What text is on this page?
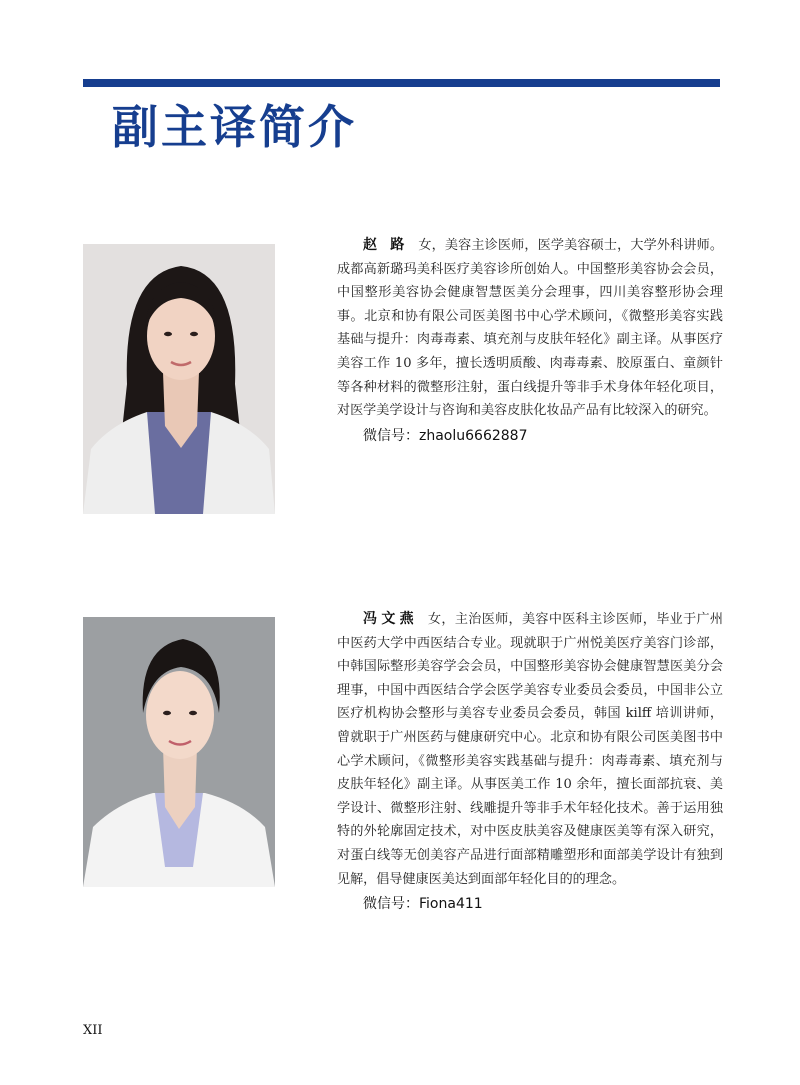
副主译简介

赵 路 女，美容主诊医师，医学美容硕士，大学外科讲师。成都高新璐玛美科医疗美容诊所创始人。中国整形美容协会会员，中国整形美容协会健康智慧医美分会理事，四川美容整形协会理事。北京和协有限公司医美图书中心学术顾问，《微整形美容实践基础与提升：肉毒毒素、填充剂与皮肤年轻化》副主译。从事医疗美容工作 10 多年，擅长透明质酸、肉毒毒素、胶原蛋白、童颜针等各种材料的微整形注射，蛋白线提升等非手术身体年轻化项目，对医学美学设计与咨询和美容皮肤化妆品产品有比较深入的研究。

微信号：zhaolu6662887

冯文燕 女，主治医师，美容中医科主诊医师，毕业于广州中医药大学中西医结合专业。现就职于广州悦美医疗美容门诊部，中韩国际整形美容学会会员，中国整形美容协会健康智慧医美分会理事，中国中西医结合学会医学美容专业委员会委员，中国非公立医疗机构协会整形与美容专业委员会委员，韩国 kilff 培训讲师，曾就职于广州医药与健康研究中心。北京和协有限公司医美图书中心学术顾问，《微整形美容实践基础与提升：肉毒毒素、填充剂与皮肤年轻化》副主译。从事医美工作 10 余年，擅长面部抗衰、美学设计、微整形注射、线雕提升等非手术年轻化技术。善于运用独特的外轮廓固定技术，对中医皮肤美容及健康医美等有深入研究，对蛋白线等无创美容产品进行面部精雕塑形和面部美学设计有独到见解，倡导健康医美达到面部年轻化目的的理念。

微信号：Fiona411
XII
